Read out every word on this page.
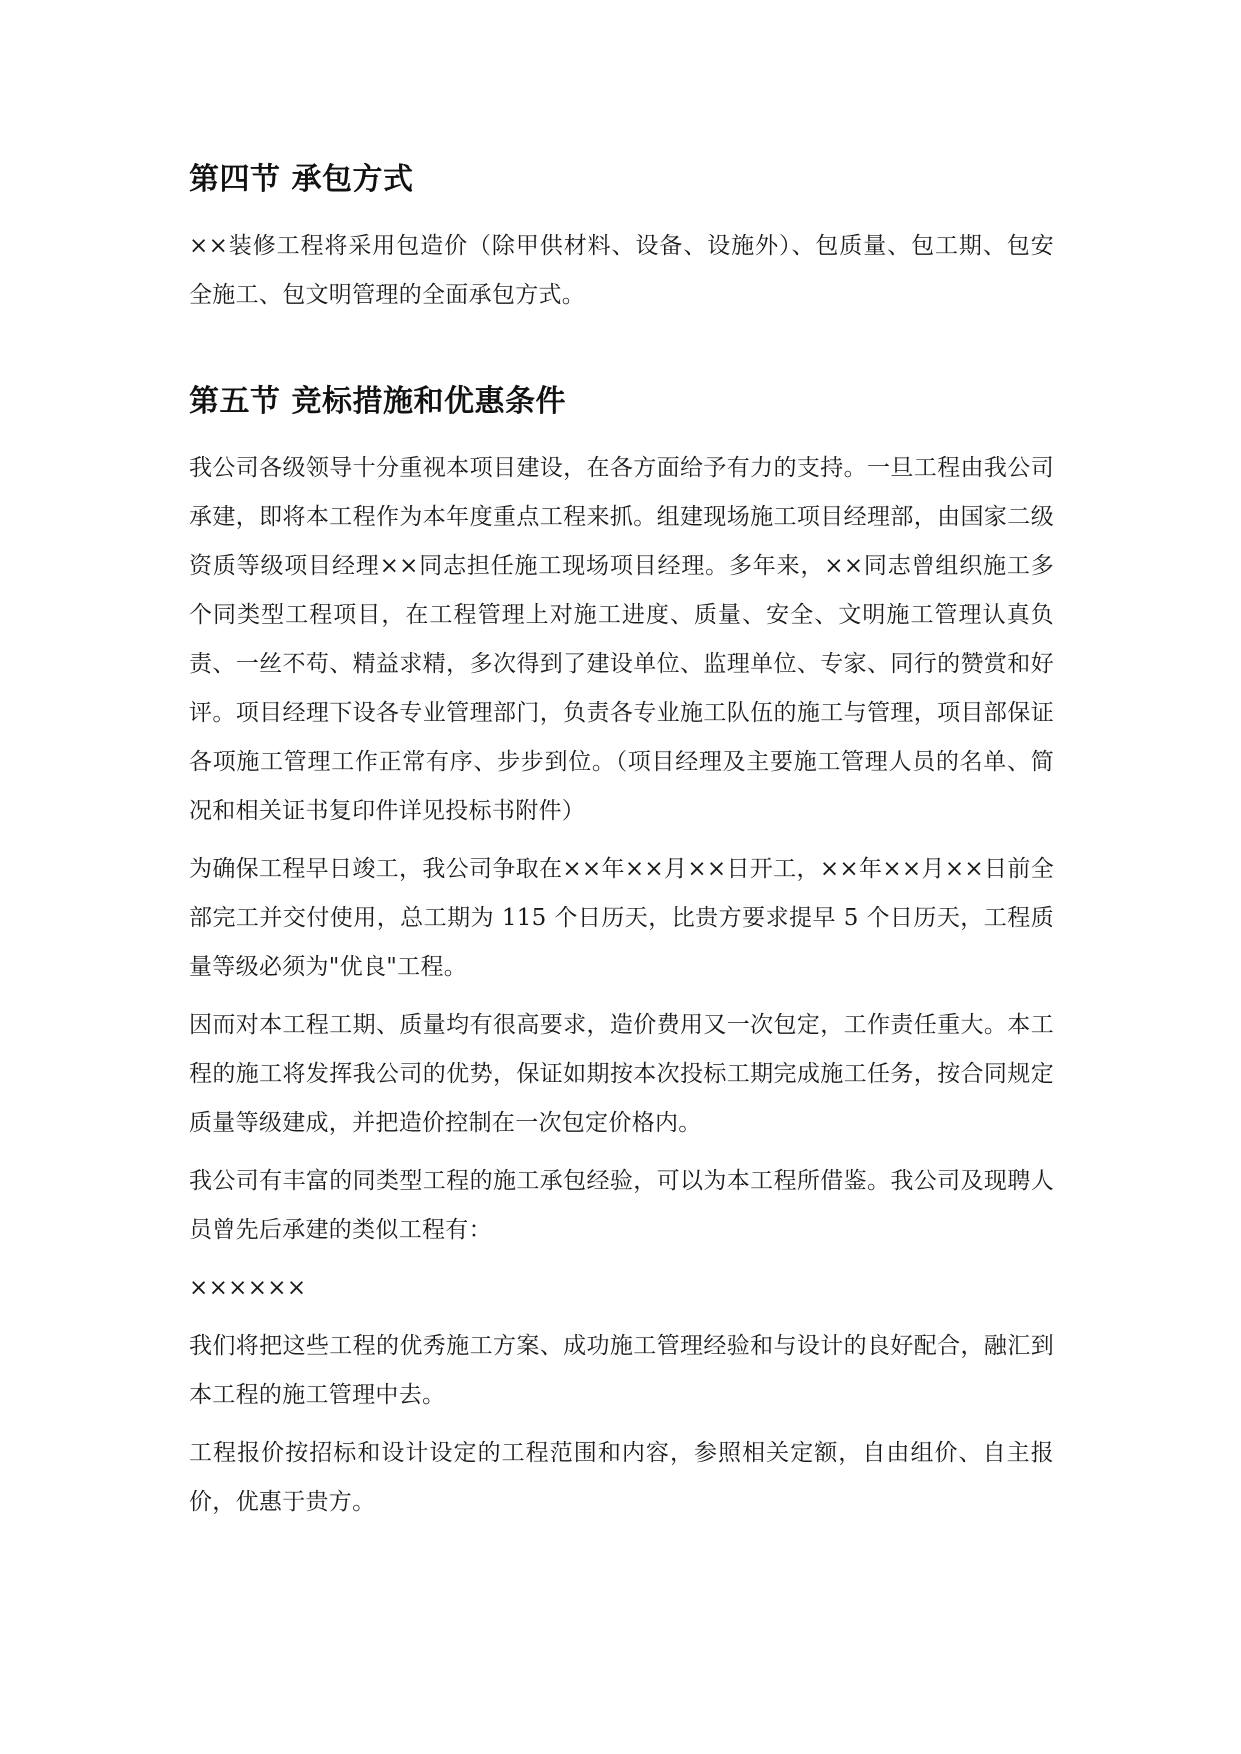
第四节 承包方式

××装修工程将采用包造价（除甲供材料、设备、设施外）、包质量、包工期、包安全施工、包文明管理的全面承包方式。

第五节 竞标措施和优惠条件

我公司各级领导十分重视本项目建设，在各方面给予有力的支持。一旦工程由我公司承建，即将本工程作为本年度重点工程来抓。组建现场施工项目经理部，由国家二级资质等级项目经理××同志担任施工现场项目经理。多年来，××同志曾组织施工多个同类型工程项目，在工程管理上对施工进度、质量、安全、文明施工管理认真负责、一丝不苟、精益求精，多次得到了建设单位、监理单位、专家、同行的赞赏和好评。项目经理下设各专业管理部门，负责各专业施工队伍的施工与管理，项目部保证各项施工管理工作正常有序、步步到位。（项目经理及主要施工管理人员的名单、简况和相关证书复印件详见投标书附件）

为确保工程早日竣工，我公司争取在××年××月××日开工，××年××月××日前全部完工并交付使用，总工期为 115 个日历天，比贵方要求提早 5 个日历天，工程质量等级必须为"优良"工程。

因而对本工程工期、质量均有很高要求，造价费用又一次包定，工作责任重大。本工程的施工将发挥我公司的优势，保证如期按本次投标工期完成施工任务，按合同规定质量等级建成，并把造价控制在一次包定价格内。

我公司有丰富的同类型工程的施工承包经验，可以为本工程所借鉴。我公司及现聘人员曾先后承建的类似工程有：

××××××

我们将把这些工程的优秀施工方案、成功施工管理经验和与设计的良好配合，融汇到本工程的施工管理中去。

工程报价按招标和设计设定的工程范围和内容，参照相关定额，自由组价、自主报价，优惠于贵方。
